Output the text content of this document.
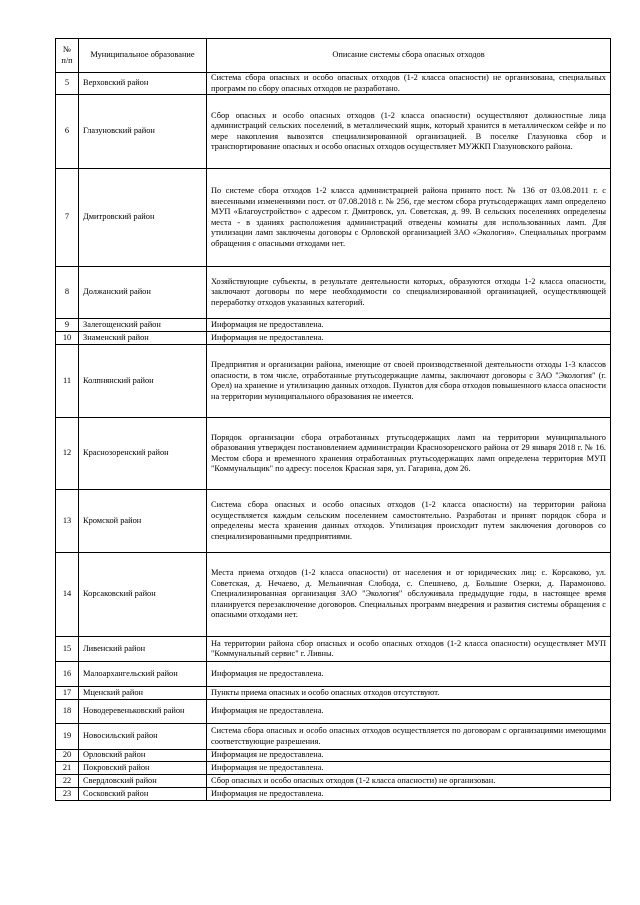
№ п/п	Муниципальное образование	Описание системы сбора опасных отходов
5	Верховский район	Система сбора опасных и особо опасных отходов (1-2 класса опасности) не организована, специальных программ по сбору опасных отходов не разработано.
6	Глазуновский район	Сбор опасных и особо опасных отходов (1-2 класса опасности) осуществляют должностные лица администраций сельских поселений, в металлический ящик, который хранится в металлическом сейфе и по мере накопления вывозятся специализированной организацией. В поселке Глазуновка сбор и транспортирование опасных и особо опасных отходов осуществляет МУЖКП Глазуновского района.
7	Дмитровский район	По системе сбора отходов 1-2 класса администрацией района принято пост. № 136 от 03.08.2011 г. с внесенными изменениями пост. от 07.08.2018 г. № 256, где местом сбора ртутьсодержащих ламп определено МУП «Благоустройство» с адресом г. Дмитровск, ул. Советская, д. 99. В сельских поселениях определены места - в зданиях расположения администраций отведены комнаты для использованных ламп. Для утилизации ламп заключены договоры с Орловской организацией ЗАО «Экология». Специальных программ обращения с опасными отходами нет.
8	Должанский район	Хозяйствующие субъекты, в результате деятельности которых, образуются отходы 1-2 класса опасности, заключают договоры по мере необходимости со специализированной организацией, осуществляющей переработку отходов указанных категорий.
9	Залегощенский район	Информация не предоставлена.
10	Знаменский район	Информация не предоставлена.
11	Колпнянский район	Предприятия и организации района, имеющие от своей производственной деятельности отходы 1-3 классов опасности, в том числе, отработанные ртутьсодержащие лампы, заключают договоры с ЗАО "Экология" (г. Орел) на хранение и утилизацию данных отходов. Пунктов для сбора отходов повышенного класса опасности на территории муниципального образования не имеется.
12	Краснозоренский район	Порядок организации сбора отработанных ртутьсодержащих ламп на территории муниципального образования утвержден постановлением администрации Краснозоренского района от 29 января 2018 г. № 16. Местом сбора и временного хранения отработанных ртутьсодержащих ламп определена территория МУП "Коммунальщик" по адресу: поселок Красная заря, ул. Гагарина, дом 26.
13	Кромской район	Система сбора опасных и особо опасных отходов (1-2 класса опасности) на территории района осуществляется каждым сельским поселением самостоятельно. Разработан и принят порядок сбора и определены места хранения данных отходов. Утилизация происходит путем заключения договоров со специализированными предприятиями.
14	Корсаковский район	Места приема отходов (1-2 класса опасности) от населения и от юридических лиц: с. Корсаково, ул. Советская, д. Нечаево, д. Мельничная Слобода, с. Спешнево, д. Большие Озерки, д. Парамоново. Специализированная организация ЗАО "Экология" обслуживала предыдущие годы, в настоящее время планируется перезаключение договоров. Специальных программ внедрения и развития системы обращения с опасными отходами нет.
15	Ливенский район	На территории района сбор опасных и особо опасных отходов (1-2 класса опасности) осуществляет МУП "Коммунальный сервис" г. Ливны.
16	Малоархангельский район	Информация не предоставлена.
17	Мценский район	Пункты приема опасных и особо опасных отходов отсутствуют.
18	Новодеревеньковский район	Информация не предоставлена.
19	Новосильский район	Система сбора опасных и особо опасных отходов осуществляется по договорам с организациями имеющими соответствующие разрешения.
20	Орловский район	Информация не предоставлена.
21	Покровский район	Информация не предоставлена.
22	Свердловский район	Сбор опасных и особо опасных отходов (1-2 класса опасности) не организован.
23	Сосковский район	Информация не предоставлена.
